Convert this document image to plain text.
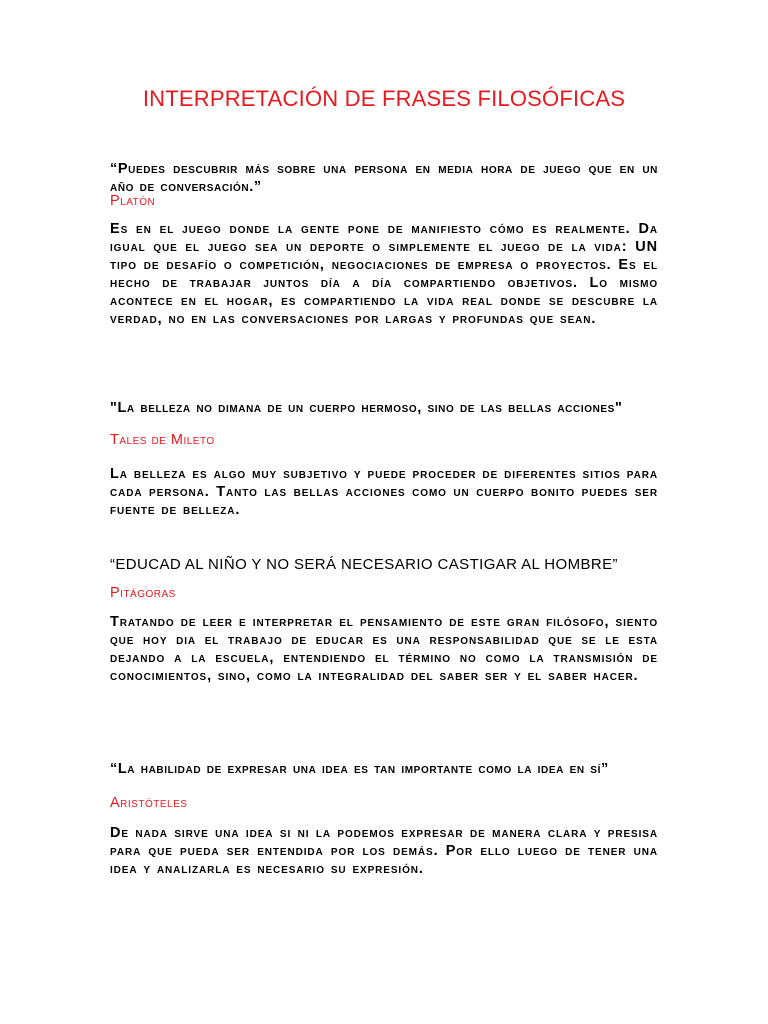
INTERPRETACIÓN DE FRASES FILOSÓFICAS
“Puedes descubrir más sobre una persona en media hora de juego que en un año de conversación.”
Platón
Es en el juego donde la gente pone de manifiesto cómo es realmente. Da igual que el juego sea un deporte o simplemente el juego de la vida: UN tipo de desafío o competición, negociaciones de empresa o proyectos. Es el hecho de trabajar juntos día a día compartiendo objetivos. Lo mismo acontece en el hogar, es compartiendo la vida real donde se descubre la verdad, no en las conversaciones por largas y profundas que sean.
"La belleza no dimana de un cuerpo hermoso, sino de las bellas acciones"
Tales de Mileto
La belleza es algo muy subjetivo y puede proceder de diferentes sitios para cada persona. Tanto las bellas acciones como un cuerpo bonito puedes ser fuente de belleza.
“EDUCAD AL NIÑO Y NO SERÁ NECESARIO CASTIGAR AL HOMBRE”
Pitágoras
Tratando de leer e interpretar el pensamiento de este gran filósofo, siento que hoy dia el trabajo de educar es una responsabilidad que se le esta dejando a la escuela, entendiendo el término no como la transmisión de conocimientos, sino, como la integralidad del saber ser y el saber hacer.
“La habilidad de expresar una idea es tan importante como la idea en sí”
Aristóteles
De nada sirve una idea si ni la podemos expresar de manera clara y presisa para que pueda ser entendida por los demás. Por ello luego de tener una idea y analizarla es necesario su expresión.
